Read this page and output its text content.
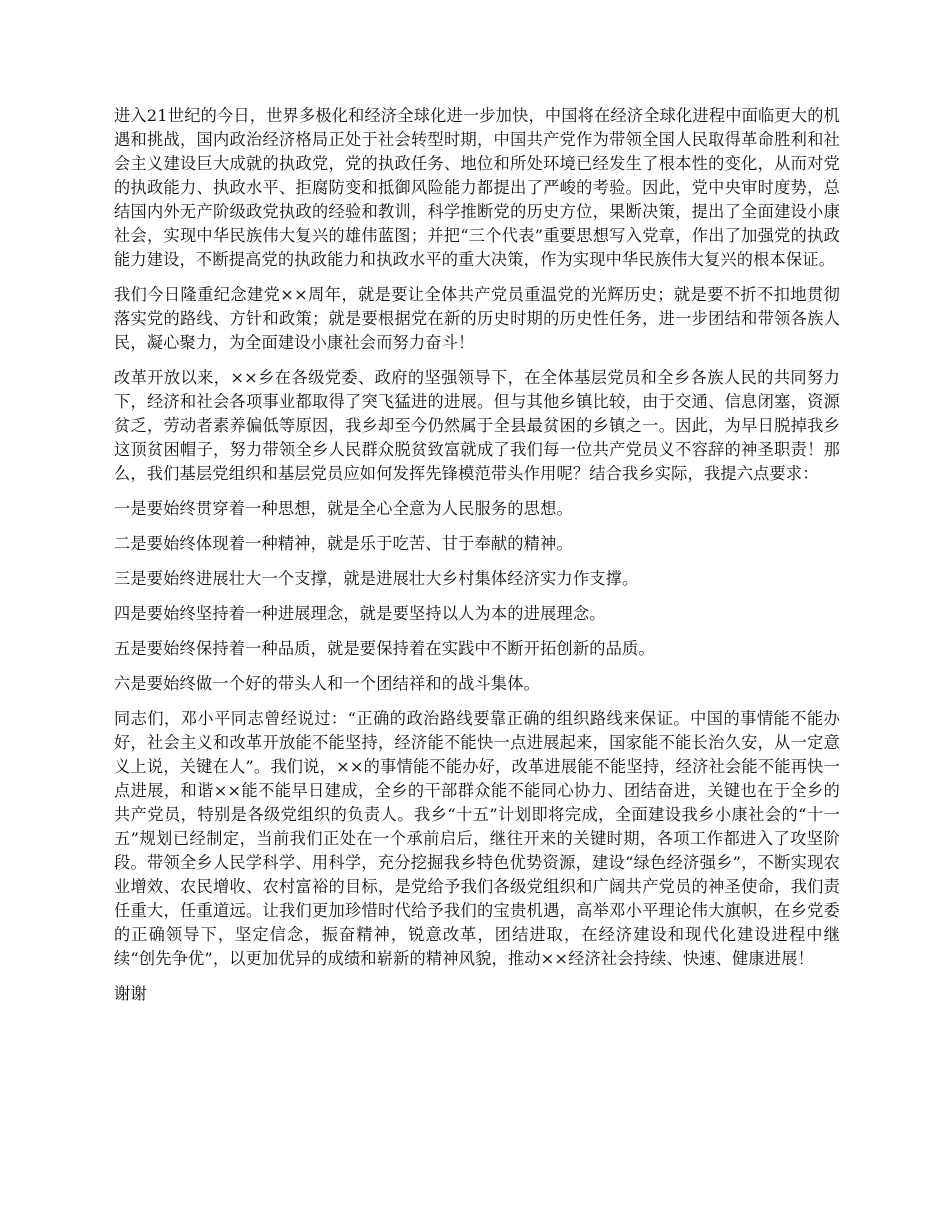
进入21世纪的今日，世界多极化和经济全球化进一步加快，中国将在经济全球化进程中面临更大的机遇和挑战，国内政治经济格局正处于社会转型时期，中国共产党作为带领全国人民取得革命胜利和社会主义建设巨大成就的执政党，党的执政任务、地位和所处环境已经发生了根本性的变化，从而对党的执政能力、执政水平、拒腐防变和抵御风险能力都提出了严峻的考验。因此，党中央审时度势，总结国内外无产阶级政党执政的经验和教训，科学推断党的历史方位，果断决策，提出了全面建设小康社会，实现中华民族伟大复兴的雄伟蓝图；并把“三个代表”重要思想写入党章，作出了加强党的执政能力建设，不断提高党的执政能力和执政水平的重大决策，作为实现中华民族伟大复兴的根本保证。

我们今日隆重纪念建党××周年，就是要让全体共产党员重温党的光辉历史；就是要不折不扣地贯彻落实党的路线、方针和政策；就是要根据党在新的历史时期的历史性任务，进一步团结和带领各族人民，凝心聚力，为全面建设小康社会而努力奋斗！

改革开放以来，××乡在各级党委、政府的坚强领导下，在全体基层党员和全乡各族人民的共同努力下，经济和社会各项事业都取得了突飞猛进的进展。但与其他乡镇比较，由于交通、信息闭塞，资源贫乏，劳动者素养偏低等原因，我乡却至今仍然属于全县最贫困的乡镇之一。因此，为早日脱掉我乡这顶贫困帽子，努力带领全乡人民群众脱贫致富就成了我们每一位共产党员义不容辞的神圣职责！那么，我们基层党组织和基层党员应如何发挥先锋模范带头作用呢？结合我乡实际，我提六点要求：

一是要始终贯穿着一种思想，就是全心全意为人民服务的思想。

二是要始终体现着一种精神，就是乐于吃苦、甘于奉献的精神。

三是要始终进展壮大一个支撑，就是进展壮大乡村集体经济实力作支撑。

四是要始终坚持着一种进展理念，就是要坚持以人为本的进展理念。

五是要始终保持着一种品质，就是要保持着在实践中不断开拓创新的品质。

六是要始终做一个好的带头人和一个团结祥和的战斗集体。

同志们，邓小平同志曾经说过：“正确的政治路线要靠正确的组织路线来保证。中国的事情能不能办好，社会主义和改革开放能不能坚持，经济能不能快一点进展起来，国家能不能长治久安，从一定意义上说，关键在人”。我们说，××的事情能不能办好，改革进展能不能坚持，经济社会能不能再快一点进展，和谐××能不能早日建成，全乡的干部群众能不能同心协力、团结奋进，关键也在于全乡的共产党员，特别是各级党组织的负责人。我乡“十五”计划即将完成，全面建设我乡小康社会的“十一五”规划已经制定，当前我们正处在一个承前启后，继往开来的关键时期，各项工作都进入了攻坚阶段。带领全乡人民学科学、用科学，充分挖掘我乡特色优势资源，建设“绿色经济强乡”，不断实现农业增效、农民增收、农村富裕的目标，是党给予我们各级党组织和广阔共产党员的神圣使命，我们责任重大，任重道远。让我们更加珍惜时代给予我们的宝贵机遇，高举邓小平理论伟大旗帜，在乡党委的正确领导下，坚定信念，振奋精神，锐意改革，团结进取，在经济建设和现代化建设进程中继续“创先争优”，以更加优异的成绩和崭新的精神风貌，推动××经济社会持续、快速、健康进展！

谢谢
